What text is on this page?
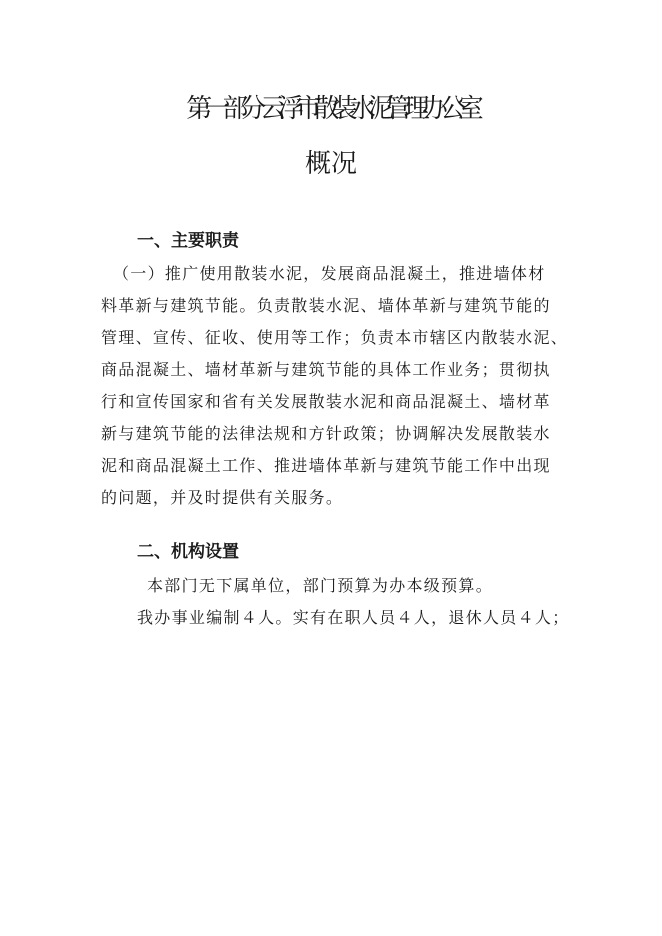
第一部分      云浮市散装水泥管理办公室
概况
一、主要职责
（一）推广使用散装水泥，发展商品混凝土，推进墙体材
料革新与建筑节能。负责散装水泥、墙体革新与建筑节能的
管理、宣传、征收、使用等工作；负责本市辖区内散装水泥、
商品混凝土、墙材革新与建筑节能的具体工作业务；贯彻执
行和宣传国家和省有关发展散装水泥和商品混凝土、墙材革
新与建筑节能的法律法规和方针政策；协调解决发展散装水
泥和商品混凝土工作、推进墙体革新与建筑节能工作中出现
的问题，并及时提供有关服务。
二、机构设置
本部门无下属单位，部门预算为办本级预算。
我办事业编制４人。实有在职人员４人，退休人员４人；
